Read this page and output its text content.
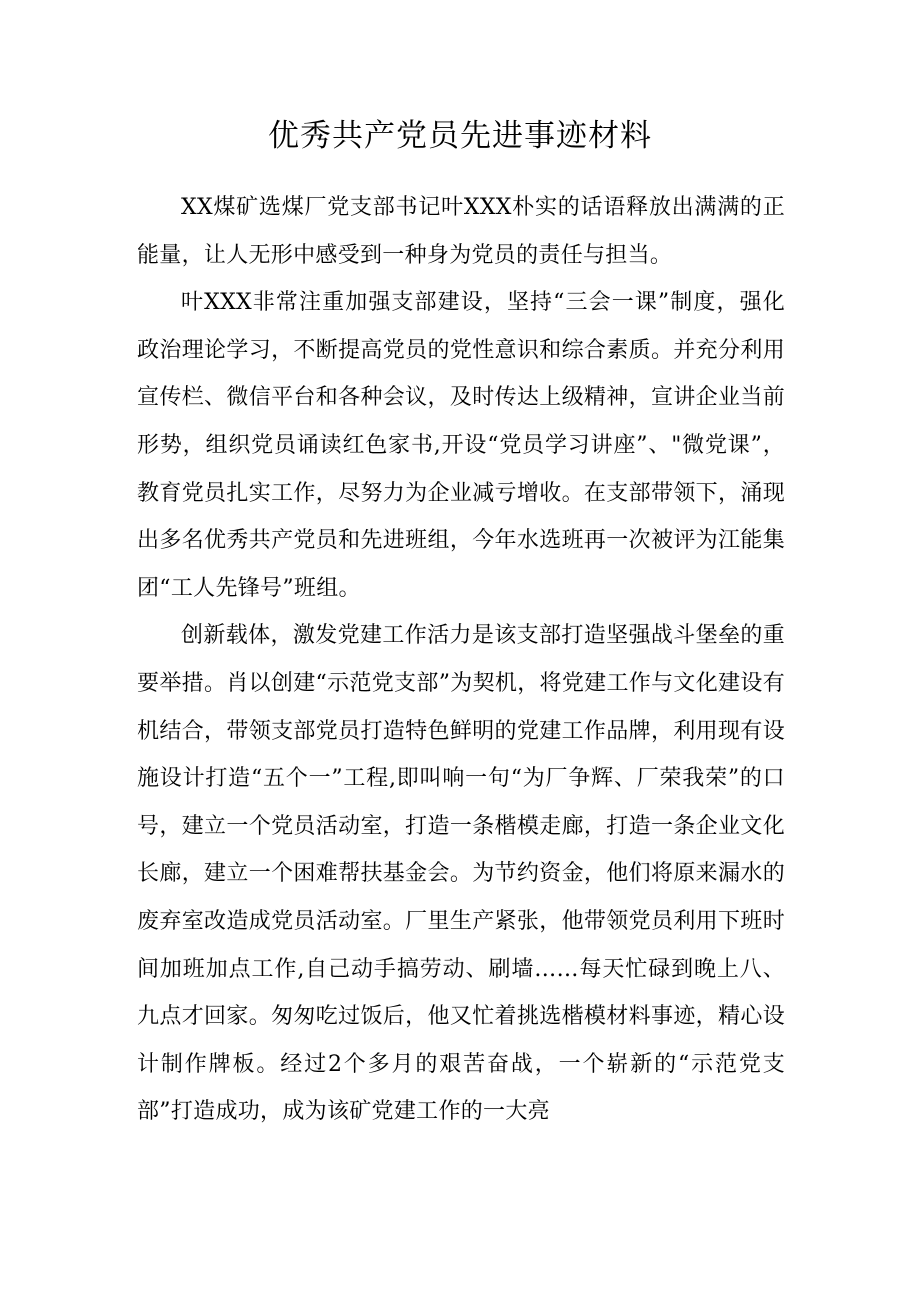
优秀共产党员先进事迹材料

XX煤矿选煤厂党支部书记叶XXX朴实的话语释放出满满的正能量，让人无形中感受到一种身为党员的责任与担当。

叶XXX非常注重加强支部建设，坚持“三会一课”制度，强化政治理论学习，不断提高党员的党性意识和综合素质。并充分利用宣传栏、微信平台和各种会议，及时传达上级精神，宣讲企业当前形势，组织党员诵读红色家书,开设“党员学习讲座”、"微党课”，教育党员扎实工作，尽努力为企业减亏增收。在支部带领下，涌现出多名优秀共产党员和先进班组，今年水选班再一次被评为江能集团“工人先锋号”班组。

创新载体，激发党建工作活力是该支部打造坚强战斗堡垒的重要举措。肖以创建“示范党支部”为契机，将党建工作与文化建设有机结合，带领支部党员打造特色鲜明的党建工作品牌，利用现有设施设计打造“五个一”工程,即叫响一句“为厂争辉、厂荣我荣”的口号，建立一个党员活动室，打造一条楷模走廊，打造一条企业文化长廊，建立一个困难帮扶基金会。为节约资金，他们将原来漏水的废弃室改造成党员活动室。厂里生产紧张，他带领党员利用下班时间加班加点工作,自己动手搞劳动、刷墙……每天忙碌到晚上八、九点才回家。匆匆吃过饭后，他又忙着挑选楷模材料事迹，精心设计制作牌板。经过2个多月的艰苦奋战，一个崭新的“示范党支部”打造成功，成为该矿党建工作的一大亮
